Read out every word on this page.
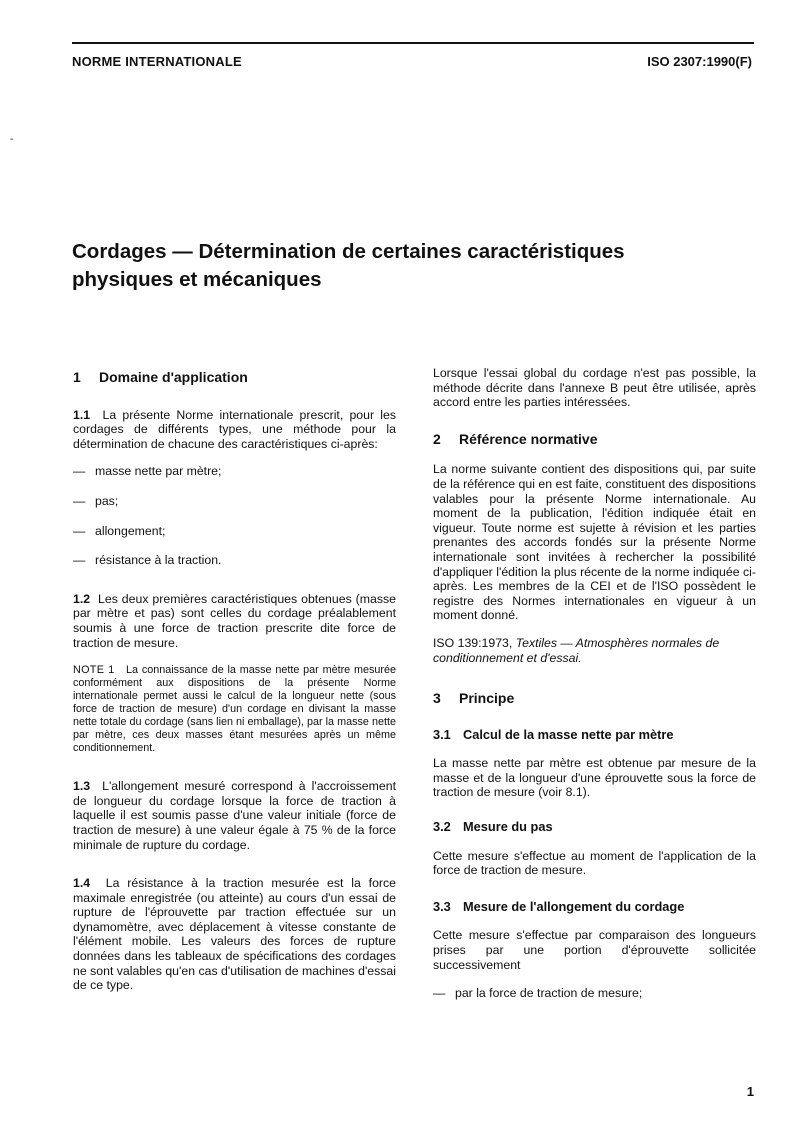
NORME INTERNATIONALE	ISO 2307:1990(F)
-
Cordages — Détermination de certaines caractéristiques
physiques et mécaniques
1	Domaine d'application

1.1 La présente Norme internationale prescrit, pour les cordages de différents types, une méthode pour la détermination de chacune des caractéristiques ci-après:

— masse nette par mètre;
— pas;
— allongement;
— résistance à la traction.

1.2 Les deux premières caractéristiques obtenues (masse par mètre et pas) sont celles du cordage préalablement soumis à une force de traction prescrite dite force de traction de mesure.

NOTE 1 La connaissance de la masse nette par mètre mesurée conformément aux dispositions de la présente Norme internationale permet aussi le calcul de la longueur nette (sous force de traction de mesure) d'un cordage en divisant la masse nette totale du cordage (sans lien ni emballage), par la masse nette par mètre, ces deux masses étant mesurées après un même conditionnement.

1.3 L'allongement mesuré correspond à l'accroissement de longueur du cordage lorsque la force de traction à laquelle il est soumis passe d'une valeur initiale (force de traction de mesure) à une valeur égale à 75 % de la force minimale de rupture du cordage.

1.4 La résistance à la traction mesurée est la force maximale enregistrée (ou atteinte) au cours d'un essai de rupture de l'éprouvette par traction effectuée sur un dynamomètre, avec déplacement à vitesse constante de l'élément mobile. Les valeurs des forces de rupture données dans les tableaux de spécifications des cordages ne sont valables qu'en cas d'utilisation de machines d'essai de ce type.

Lorsque l'essai global du cordage n'est pas possible, la méthode décrite dans l'annexe B peut être utilisée, après accord entre les parties intéressées.

2	Référence normative

La norme suivante contient des dispositions qui, par suite de la référence qui en est faite, constituent des dispositions valables pour la présente Norme internationale. Au moment de la publication, l'édition indiquée était en vigueur. Toute norme est sujette à révision et les parties prenantes des accords fondés sur la présente Norme internationale sont invitées à rechercher la possibilité d'appliquer l'édition la plus récente de la norme indiquée ci-après. Les membres de la CEI et de l'ISO possèdent le registre des Normes internationales en vigueur à un moment donné.

ISO 139:1973, Textiles — Atmosphères normales de conditionnement et d'essai.

3	Principe
3.1 Calcul de la masse nette par mètre

La masse nette par mètre est obtenue par mesure de la masse et de la longueur d'une éprouvette sous la force de traction de mesure (voir 8.1).

3.2 Mesure du pas

Cette mesure s'effectue au moment de l'application de la force de traction de mesure.

3.3 Mesure de l'allongement du cordage

Cette mesure s'effectue par comparaison des longueurs prises par une portion d'éprouvette sollicitée successivement

— par la force de traction de mesure;
1
